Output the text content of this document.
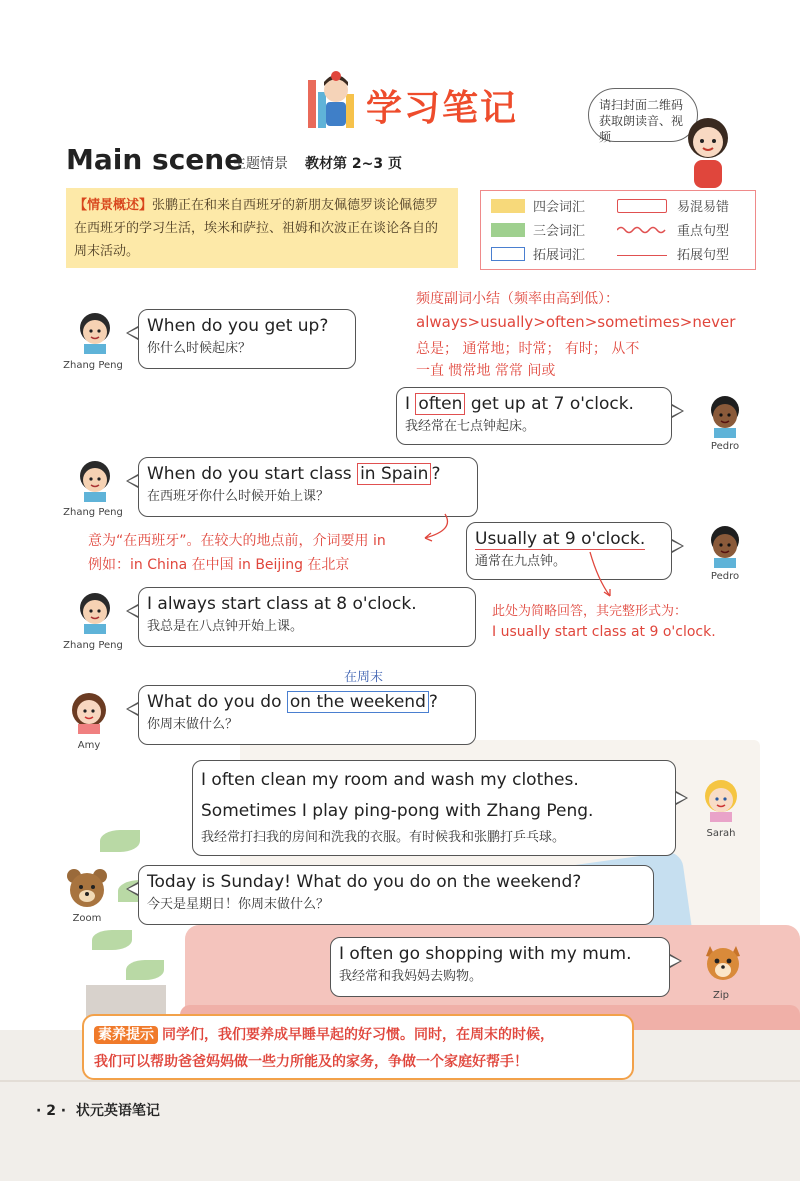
学习笔记	请扫封面二维码获取朗读音、视频
Main scene
主题情景 教材第 2~3 页
【情景概述】张鹏正在和来自西班牙的新朋友佩德罗谈论佩德罗在西班牙的学习生活，埃米和萨拉、祖姆和次波正在谈论各自的周末活动。
四会词汇
三会词汇
拓展词汇
易混易错
重点句型
拓展句型
频度副词小结（频率由高到低）：
always>usually>often>sometimes>never
总是； 通常地；时常； 有时； 从不
一直 惯常地 常常 间或
Zhang Peng
Pedro
Zhang Peng
Pedro
Zhang Peng
Amy
Sarah
Zoom
Zip
When do you get up?
你什么时候起床？
I often get up at 7 o'clock.
我经常在七点钟起床。
When do you start class in Spain ?
在西班牙你什么时候开始上课？
意为“在西班牙”。在较大的地点前，介词要用 in
例如：in China 在中国 in Beijing 在北京
Usually at 9 o'clock.
通常在九点钟。
此处为简略回答，其完整形式为：
I usually start class at 9 o'clock.
I always start class at 8 o'clock.
我总是在八点钟开始上课。
在周末
What do you do on the weekend ?
你周末做什么？
I often clean my room and wash my clothes.
Sometimes I play ping-pong with Zhang Peng.
我经常打扫我的房间和洗我的衣服。有时候我和张鹏打乒乓球。
Today is Sunday! What do you do on the weekend?
今天是星期日！你周末做什么？
I often go shopping with my mum.
我经常和我妈妈去购物。
素养提示 同学们，我们要养成早睡早起的好习惯。同时，在周末的时候，
我们可以帮助爸爸妈妈做一些力所能及的家务，争做一个家庭好帮手！
· 2 · 状元英语笔记
